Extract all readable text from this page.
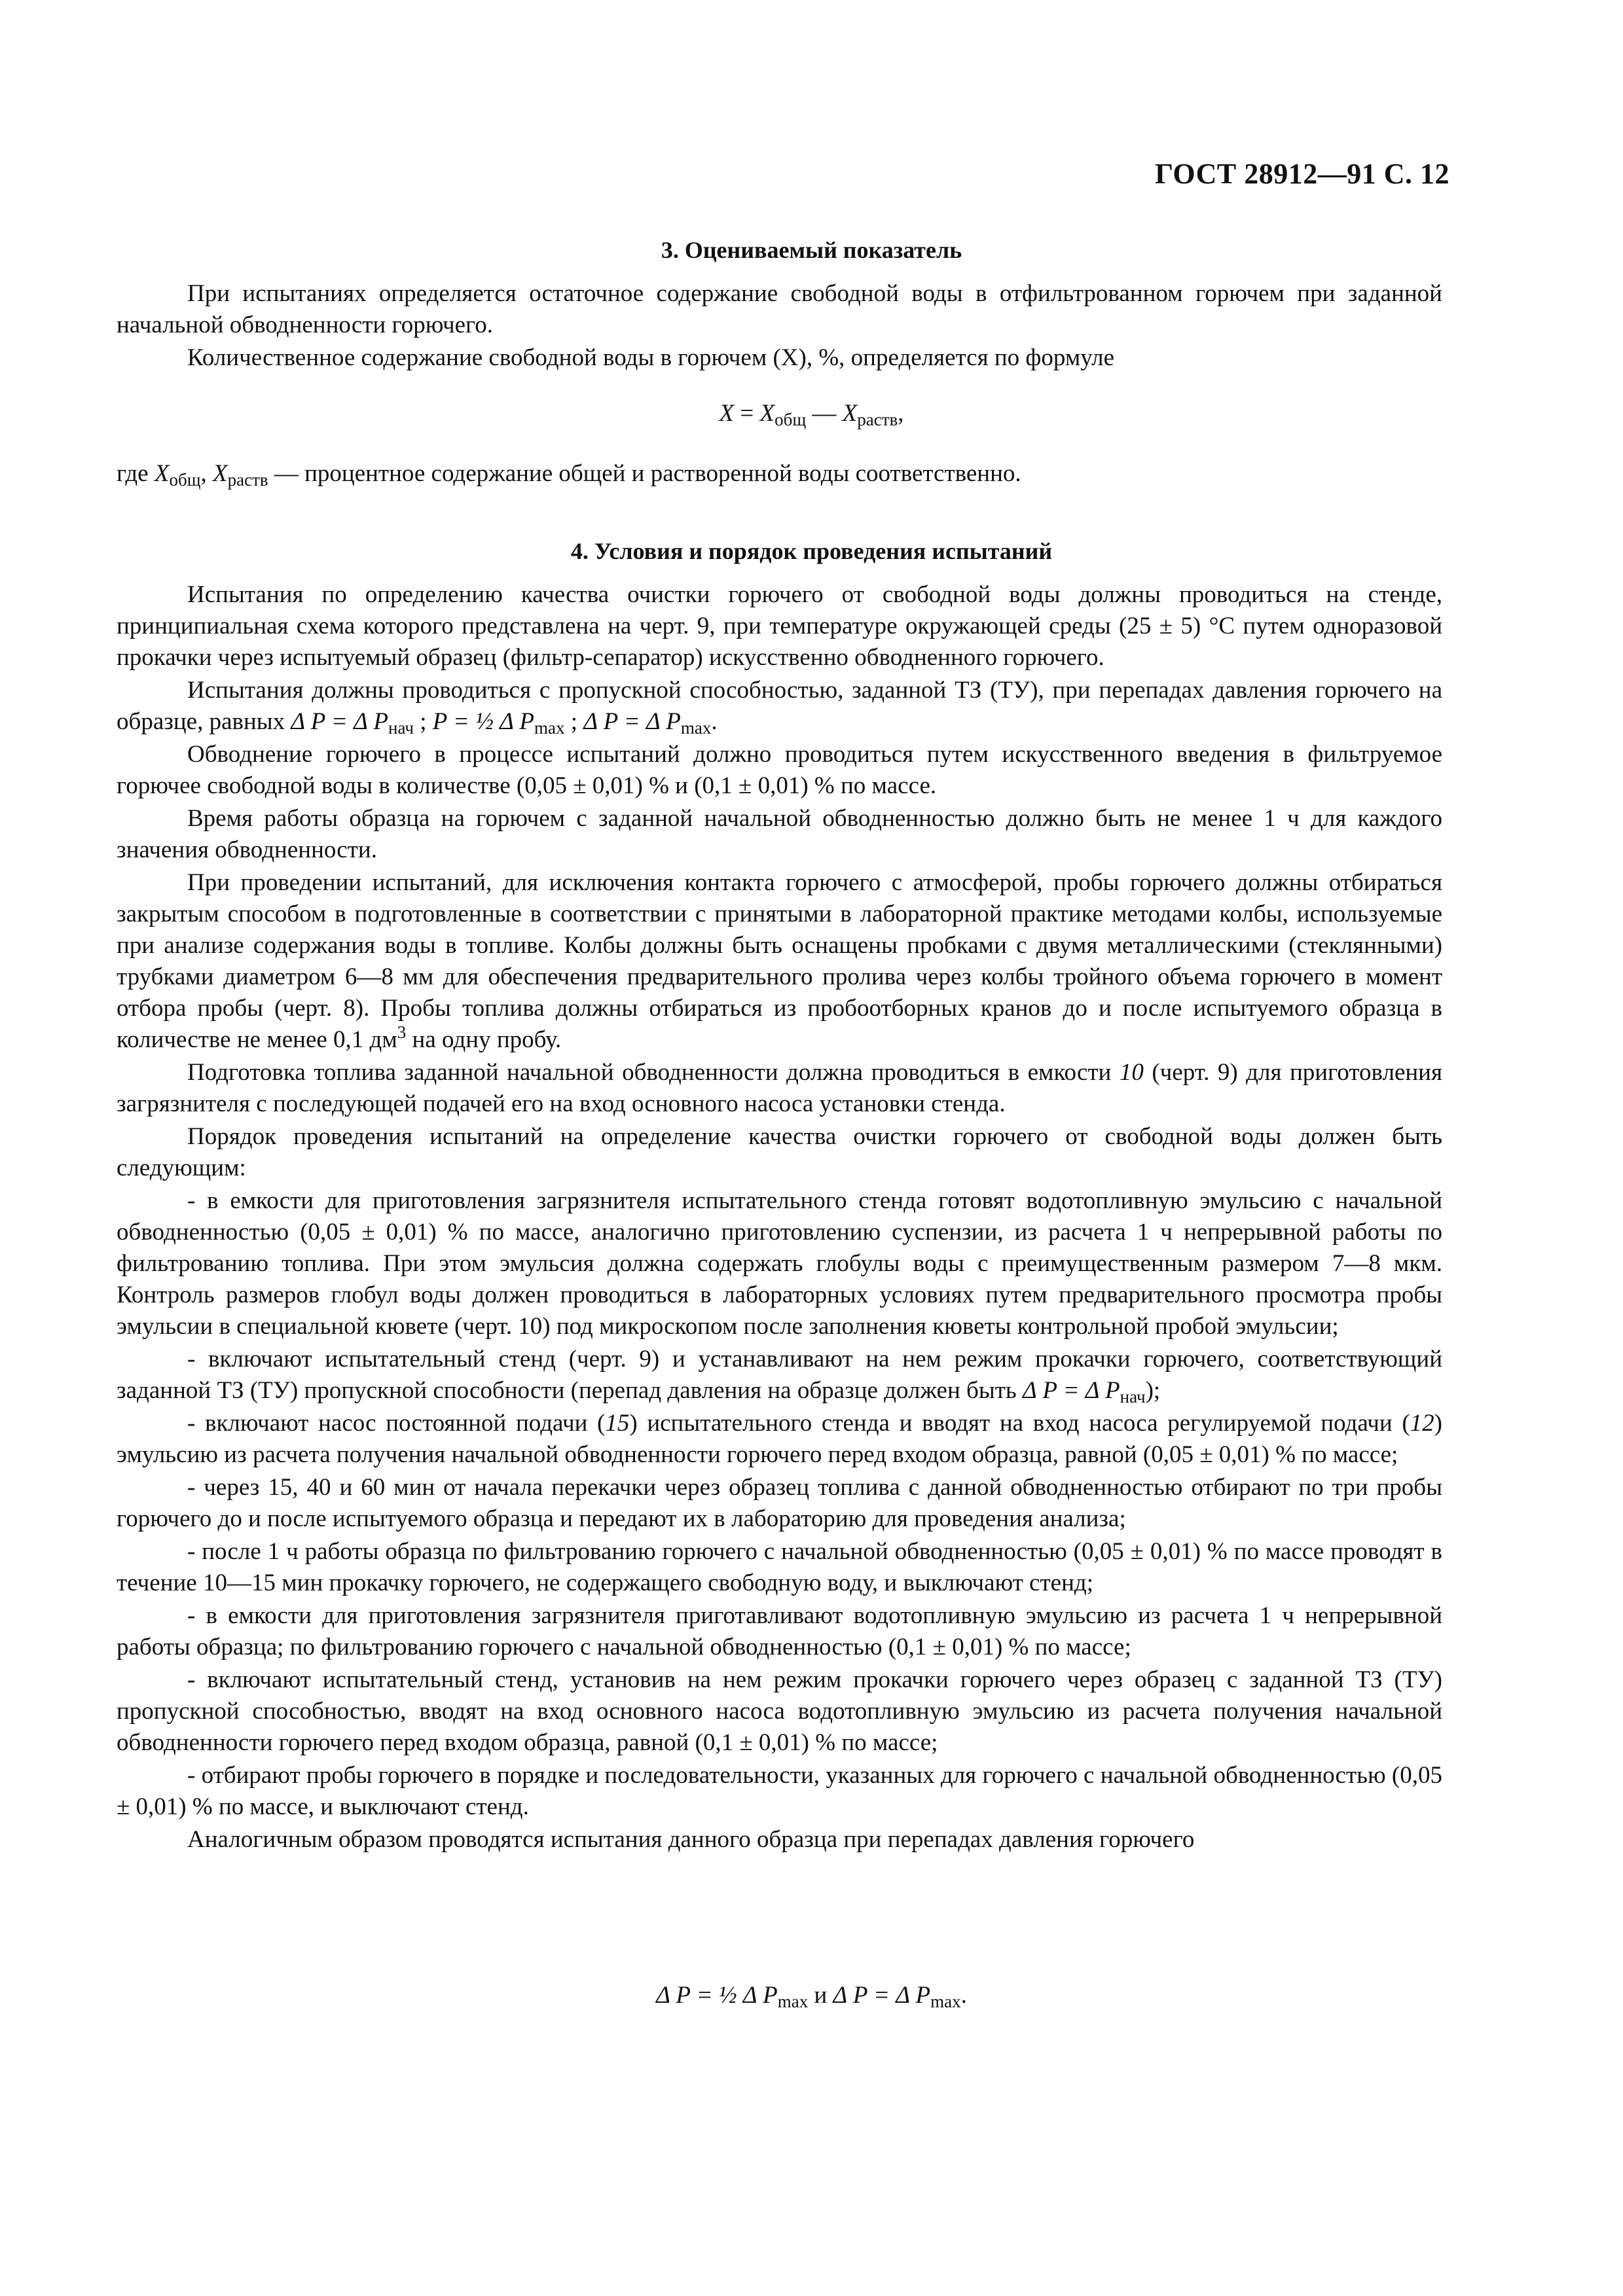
ГОСТ 28912—91 С. 12
3. Оцениваемый показатель

При испытаниях определяется остаточное содержание свободной воды в отфильтрованном горючем при заданной начальной обводненности горючего.

Количественное содержание свободной воды в горючем (X), %, определяется по формуле

$X = X_{общ}$ — $X_{раств}$,

где $X_{общ}$, $X_{раств}$ — процентное содержание общей и растворенной воды соответственно.

4. Условия и порядок проведения испытаний

Испытания по определению качества очистки горючего от свободной воды должны проводиться на стенде, принципиальная схема которого представлена на черт. 9, при температуре окружающей среды (25 ± 5) °С путем одноразовой прокачки через испытуемый образец (фильтр-сепаратор) искусственно обводненного горючего.

Испытания должны проводиться с пропускной способностью, заданной ТЗ (ТУ), при перепадах давления горючего на образце, равных Δ P = Δ $P_{нач}$ ; P = ½ Δ $P_{max}$ ; Δ P = Δ $P_{max}$.

Обводнение горючего в процессе испытаний должно проводиться путем искусственного введения в фильтруемое горючее свободной воды в количестве (0,05 ± 0,01) % и (0,1 ± 0,01) % по массе.

Время работы образца на горючем с заданной начальной обводненностью должно быть не менее 1 ч для каждого значения обводненности.

При проведении испытаний, для исключения контакта горючего с атмосферой, пробы горючего должны отбираться закрытым способом в подготовленные в соответствии с принятыми в лабораторной практике методами колбы, используемые при анализе содержания воды в топливе. Колбы должны быть оснащены пробками с двумя металлическими (стеклянными) трубками диаметром 6—8 мм для обеспечения предварительного пролива через колбы тройного объема горючего в момент отбора пробы (черт. 8). Пробы топлива должны отбираться из пробоотборных кранов до и после испытуемого образца в количестве не менее 0,1 $дм^3$ на одну пробу.

Подготовка топлива заданной начальной обводненности должна проводиться в емкости 10 (черт. 9) для приготовления загрязнителя с последующей подачей его на вход основного насоса установки стенда.

Порядок проведения испытаний на определение качества очистки горючего от свободной воды должен быть следующим:

- в емкости для приготовления загрязнителя испытательного стенда готовят водотопливную эмульсию с начальной обводненностью (0,05 ± 0,01) % по массе, аналогично приготовлению суспензии, из расчета 1 ч непрерывной работы по фильтрованию топлива. При этом эмульсия должна содержать глобулы воды с преимущественным размером 7—8 мкм. Контроль размеров глобул воды должен проводиться в лабораторных условиях путем предварительного просмотра пробы эмульсии в специальной кювете (черт. 10) под микроскопом после заполнения кюветы контрольной пробой эмульсии;

- включают испытательный стенд (черт. 9) и устанавливают на нем режим прокачки горючего, соответствующий заданной ТЗ (ТУ) пропускной способности (перепад давления на образце должен быть Δ P = Δ $P_{нач}$);

- включают насос постоянной подачи (15) испытательного стенда и вводят на вход насоса регулируемой подачи (12) эмульсию из расчета получения начальной обводненности горючего перед входом образца, равной (0,05 ± 0,01) % по массе;

- через 15, 40 и 60 мин от начала перекачки через образец топлива с данной обводненностью отбирают по три пробы горючего до и после испытуемого образца и передают их в лабораторию для проведения анализа;

- после 1 ч работы образца по фильтрованию горючего с начальной обводненностью (0,05 ± 0,01) % по массе проводят в течение 10—15 мин прокачку горючего, не содержащего свободную воду, и выключают стенд;

- в емкости для приготовления загрязнителя приготавливают водотопливную эмульсию из расчета 1 ч непрерывной работы образца; по фильтрованию горючего с начальной обводненностью (0,1 ± 0,01) % по массе;

- включают испытательный стенд, установив на нем режим прокачки горючего через образец с заданной ТЗ (ТУ) пропускной способностью, вводят на вход основного насоса водотопливную эмульсию из расчета получения начальной обводненности горючего перед входом образца, равной (0,1 ± 0,01) % по массе;

- отбирают пробы горючего в порядке и последовательности, указанных для горючего с начальной обводненностью (0,05 ± 0,01) % по массе, и выключают стенд.

Аналогичным образом проводятся испытания данного образца при перепадах давления горючего

Δ P = ½ Δ $P_{max}$ и Δ P = Δ $P_{max}$.
